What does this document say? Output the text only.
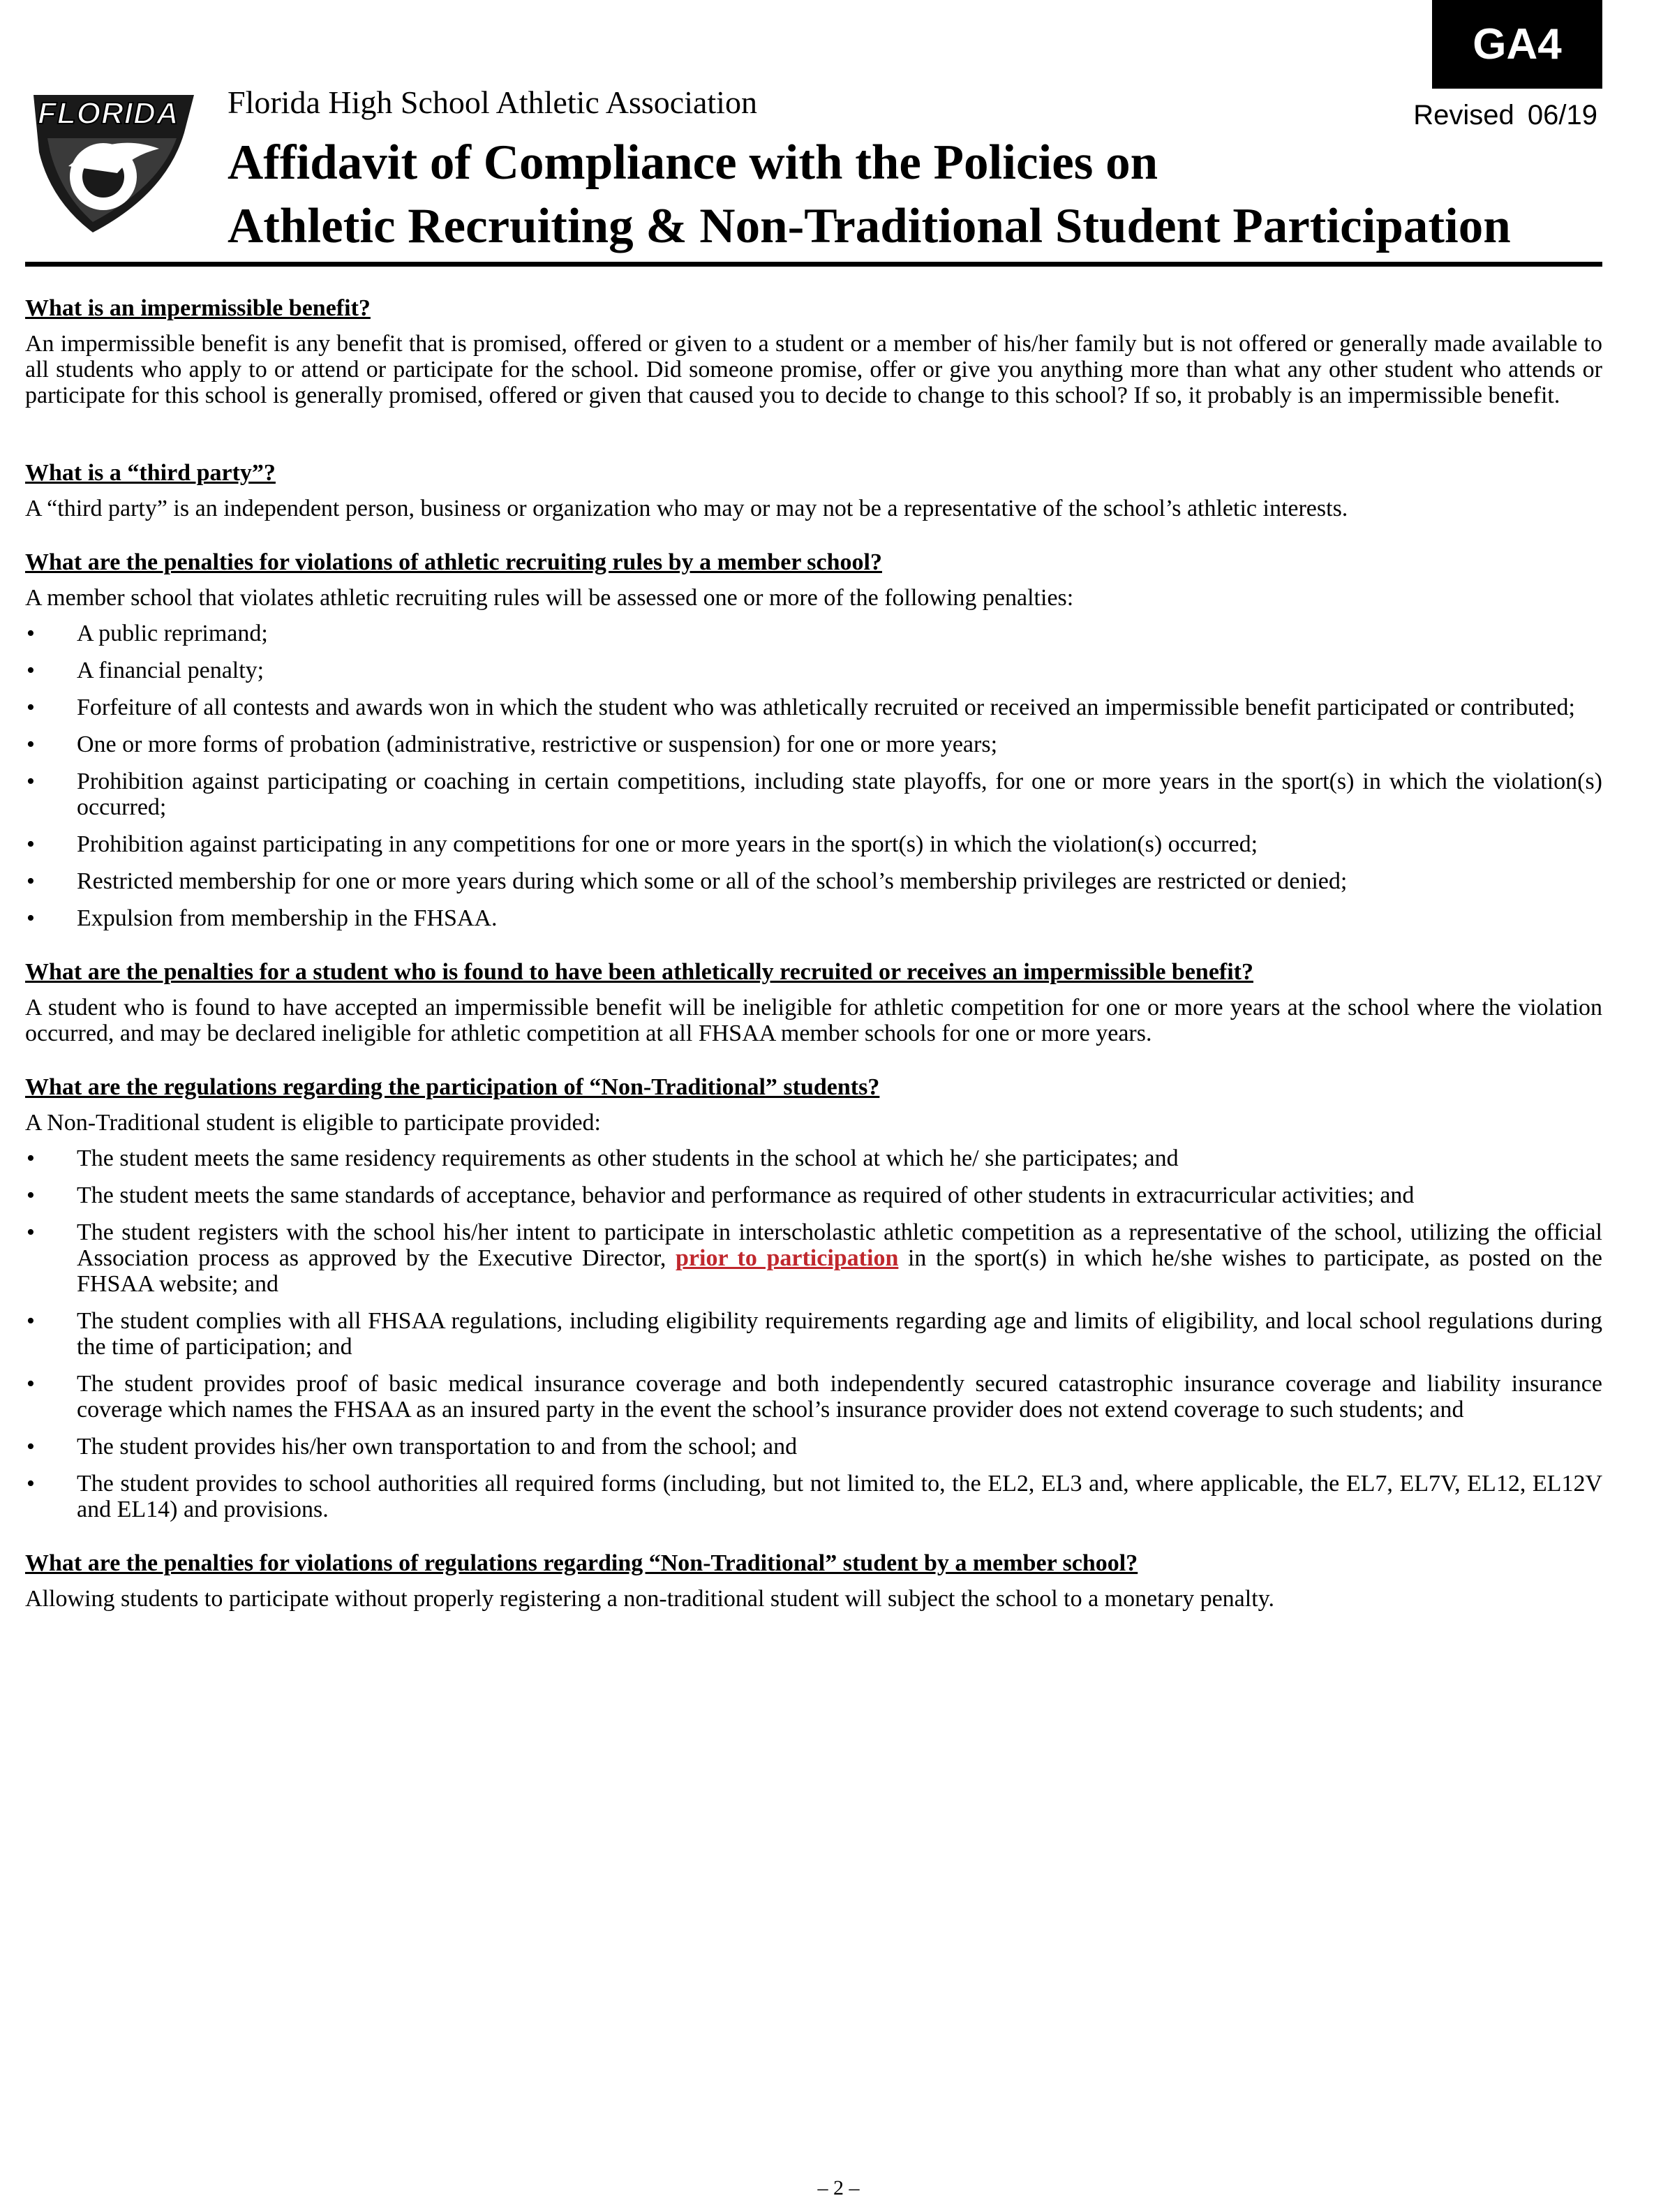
GA4
Revised 06/19
FLORIDA Florida High School Athletic Association
Affidavit of Compliance with the Policies on
Athletic Recruiting & Non-Traditional Student Participation
What is an impermissible benefit?

An impermissible benefit is any benefit that is promised, offered or given to a student or a member of his/her family but is not offered or generally made available to all students who apply to or attend or participate for the school. Did someone promise, offer or give you anything more than what any other student who attends or participate for this school is generally promised, offered or given that caused you to decide to change to this school? If so, it probably is an impermissible benefit.

What is a “third party”?

A “third party” is an independent person, business or organization who may or may not be a representative of the school’s athletic interests.

What are the penalties for violations of athletic recruiting rules by a member school?

A member school that violates athletic recruiting rules will be assessed one or more of the following penalties:

• A public reprimand;
• A financial penalty;
• Forfeiture of all contests and awards won in which the student who was athletically recruited or received an impermissible benefit participated or contributed;
• One or more forms of probation (administrative, restrictive or suspension) for one or more years;
• Prohibition against participating or coaching in certain competitions, including state playoffs, for one or more years in the sport(s) in which the violation(s) occurred;
• Prohibition against participating in any competitions for one or more years in the sport(s) in which the violation(s) occurred;
• Restricted membership for one or more years during which some or all of the school’s membership privileges are restricted or denied;
• Expulsion from membership in the FHSAA.
What are the penalties for a student who is found to have been athletically recruited or receives an impermissible benefit?

A student who is found to have accepted an impermissible benefit will be ineligible for athletic competition for one or more years at the school where the violation occurred, and may be declared ineligible for athletic competition at all FHSAA member schools for one or more years.

What are the regulations regarding the participation of “Non-Traditional” students?

A Non-Traditional student is eligible to participate provided:

• The student meets the same residency requirements as other students in the school at which he/ she participates; and
• The student meets the same standards of acceptance, behavior and performance as required of other students in extracurricular activities; and
• The student registers with the school his/her intent to participate in interscholastic athletic competition as a representative of the school, utilizing the official Association process as approved by the Executive Director, prior to participation in the sport(s) in which he/she wishes to participate, as posted on the FHSAA website; and
• The student complies with all FHSAA regulations, including eligibility requirements regarding age and limits of eligibility, and local school regulations during the time of participation; and
• The student provides proof of basic medical insurance coverage and both independently secured catastrophic insurance coverage and liability insurance coverage which names the FHSAA as an insured party in the event the school’s insurance provider does not extend coverage to such students; and
• The student provides his/her own transportation to and from the school; and
• The student provides to school authorities all required forms (including, but not limited to, the EL2, EL3 and, where applicable, the EL7, EL7V, EL12, EL12V and EL14) and provisions.
What are the penalties for violations of regulations regarding “Non-Traditional” student by a member school?

Allowing students to participate without properly registering a non-traditional student will subject the school to a monetary penalty.

– 2 –
